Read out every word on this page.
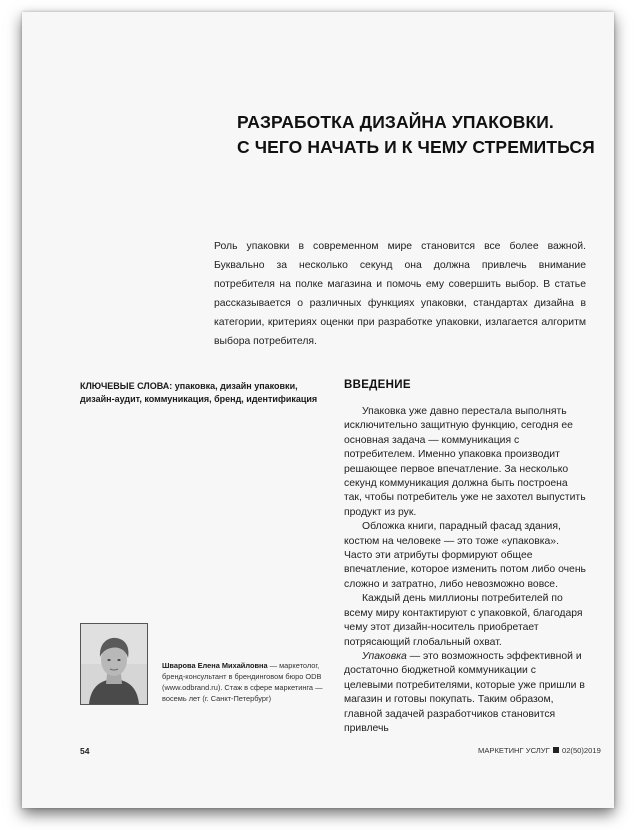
РАЗРАБОТКА ДИЗАЙНА УПАКОВКИ.
С ЧЕГО НАЧАТЬ И К ЧЕМУ СТРЕМИТЬСЯ
Роль упаковки в современном мире становится все более важной. Буквально за несколько секунд она должна привлечь внимание потребителя на полке магазина и помочь ему совершить выбор. В статье рассказывается о различных функциях упаковки, стандартах дизайна в категории, критериях оценки при разработке упаковки, излагается алгоритм выбора потребителя.
КЛЮЧЕВЫЕ СЛОВА: упаковка, дизайн упаковки, дизайн-аудит, коммуникация, бренд, идентификация
ВВЕДЕНИЕ

Упаковка уже давно перестала выполнять исключительно защитную функцию, сегодня ее основная задача — коммуникация с потребителем. Именно упаковка производит решающее первое впечатление. За несколько секунд коммуникация должна быть построена так, чтобы потребитель уже не захотел выпустить продукт из рук.

Обложка книги, парадный фасад здания, костюм на человеке — это тоже «упаковка». Часто эти атрибуты формируют общее впечатление, которое изменить потом либо очень сложно и затратно, либо невозможно вовсе.

Каждый день миллионы потребителей по всему миру контактируют с упаковкой, благодаря чему этот дизайн-носитель приобретает потрясающий глобальный охват.

Упаковка — это возможность эффективной и достаточно бюджетной коммуникации с целевыми потребителями, которые уже пришли в магазин и готовы покупать. Таким образом, главной задачей разработчиков становится привлечь

Шварова Елена Михайловна — маркетолог, бренд-консультант в брендинговом бюро ODB (www.odbrand.ru). Стаж в сфере маркетинга — восемь лет (г. Санкт-Петербург)
54	МАРКЕТИНГ УСЛУГ 02(50)2019
